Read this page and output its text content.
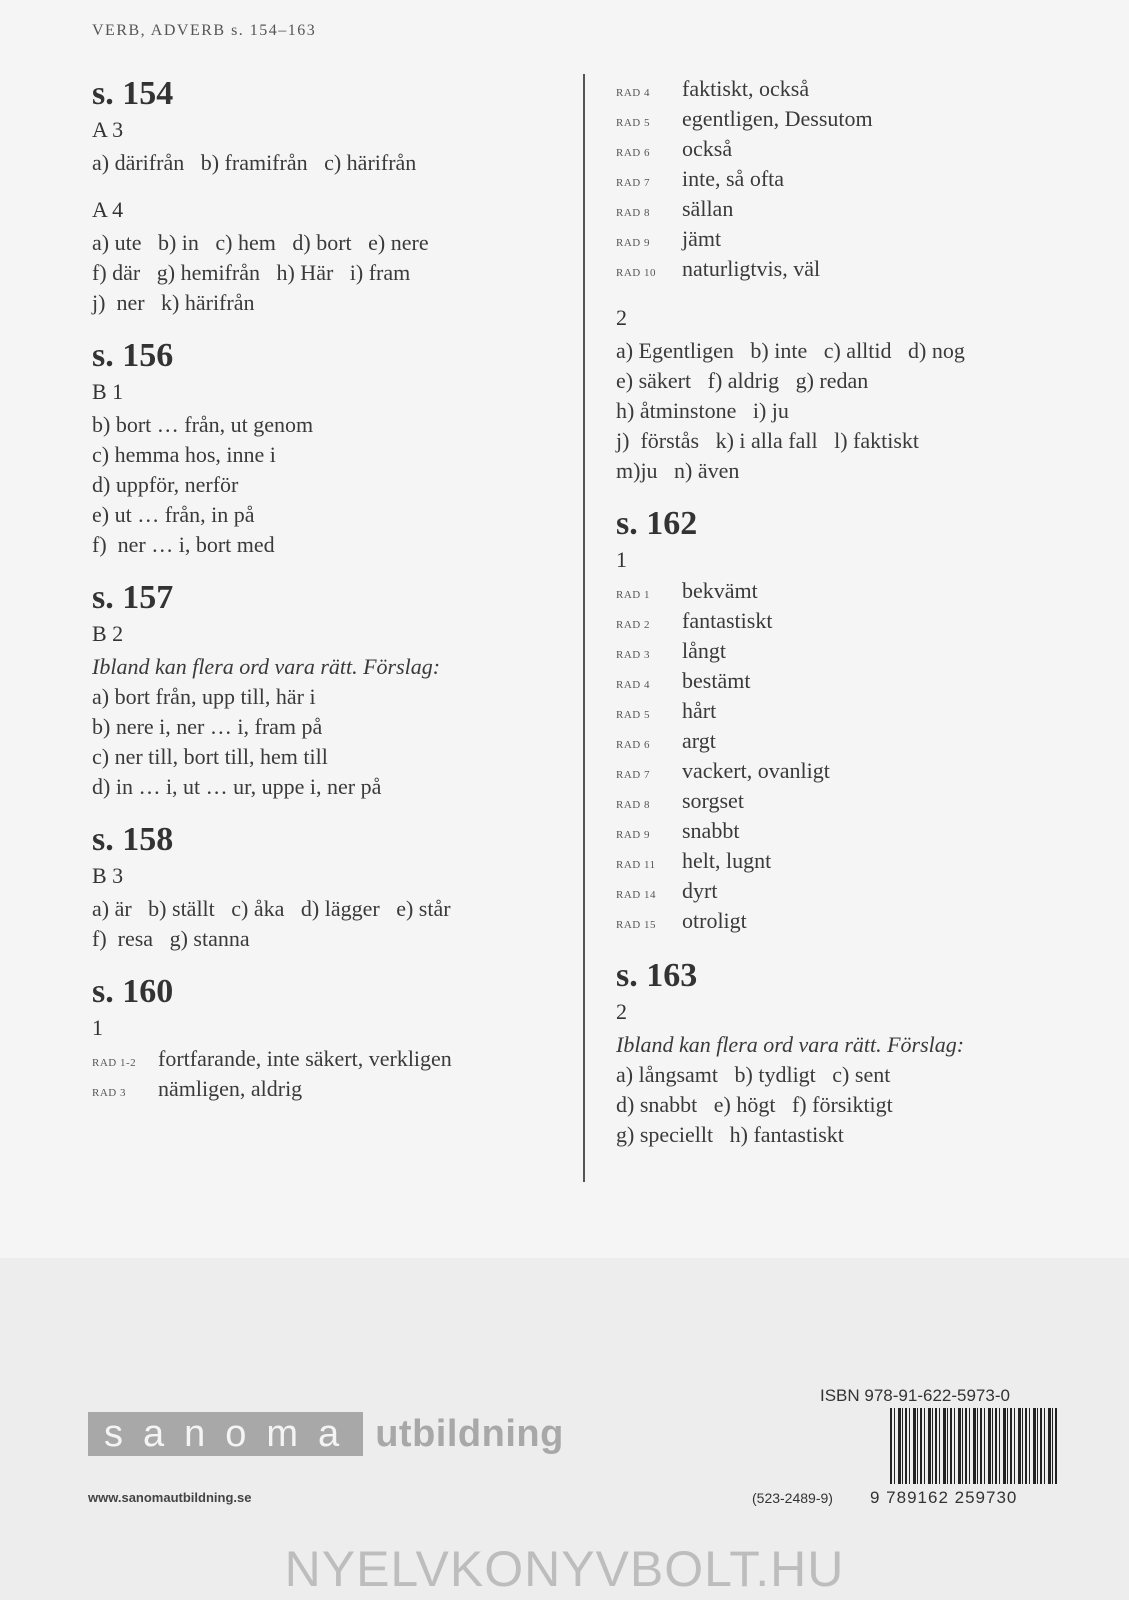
VERB, ADVERB s. 154–163

s. 154

A 3

a) därifrån   b) framifrån   c) härifrån

A 4

a) ute   b) in   c) hem   d) bort   e) nere

f) där   g) hemifrån   h) Här   i) fram

j)  ner   k) härifrån

s. 156

B 1

b) bort … från, ut genom

c) hemma hos, inne i

d) uppför, nerför

e) ut … från, in på

f)  ner … i, bort med

s. 157

B 2

Ibland kan flera ord vara rätt. Förslag:

a) bort från, upp till, här i

b) nere i, ner … i, fram på

c) ner till, bort till, hem till

d) in … i, ut … ur, uppe i, ner på

s. 158

B 3

a) är   b) ställt   c) åka   d) lägger   e) står

f)  resa   g) stanna

s. 160

1

RAD 1-2 fortfarande, inte säkert, verkligen
RAD 3	nämligen, aldrig
RAD 4	faktiskt, också
RAD 5	egentligen, Dessutom
RAD 6	också
RAD 7	inte, så ofta
RAD 8	sällan
RAD 9	jämt
RAD 10	naturligtvis, väl

2

a) Egentligen   b) inte   c) alltid   d) nog

e) säkert   f) aldrig   g) redan

h) åtminstone   i) ju

j)  förstås   k) i alla fall   l) faktiskt

m)ju   n) även

s. 162

1

RAD 1	bekvämt
RAD 2	fantastiskt
RAD 3	långt
RAD 4	bestämt
RAD 5	hårt
RAD 6	argt
RAD 7	vackert, ovanligt
RAD 8	sorgset
RAD 9	snabbt
RAD 11	helt, lugnt
RAD 14	dyrt
RAD 15	otroligt

s. 163

2

Ibland kan flera ord vara rätt. Förslag:

a) långsamt   b) tydligt   c) sent

d) snabbt   e) högt   f) försiktigt

g) speciellt   h) fantastiskt

sanoma utbildning
www.sanomautbildning.se
ISBN 978-91-622-5973-0
(523-2489-9) 9 789162 259730
NYELVKONYVBOLT.HU
